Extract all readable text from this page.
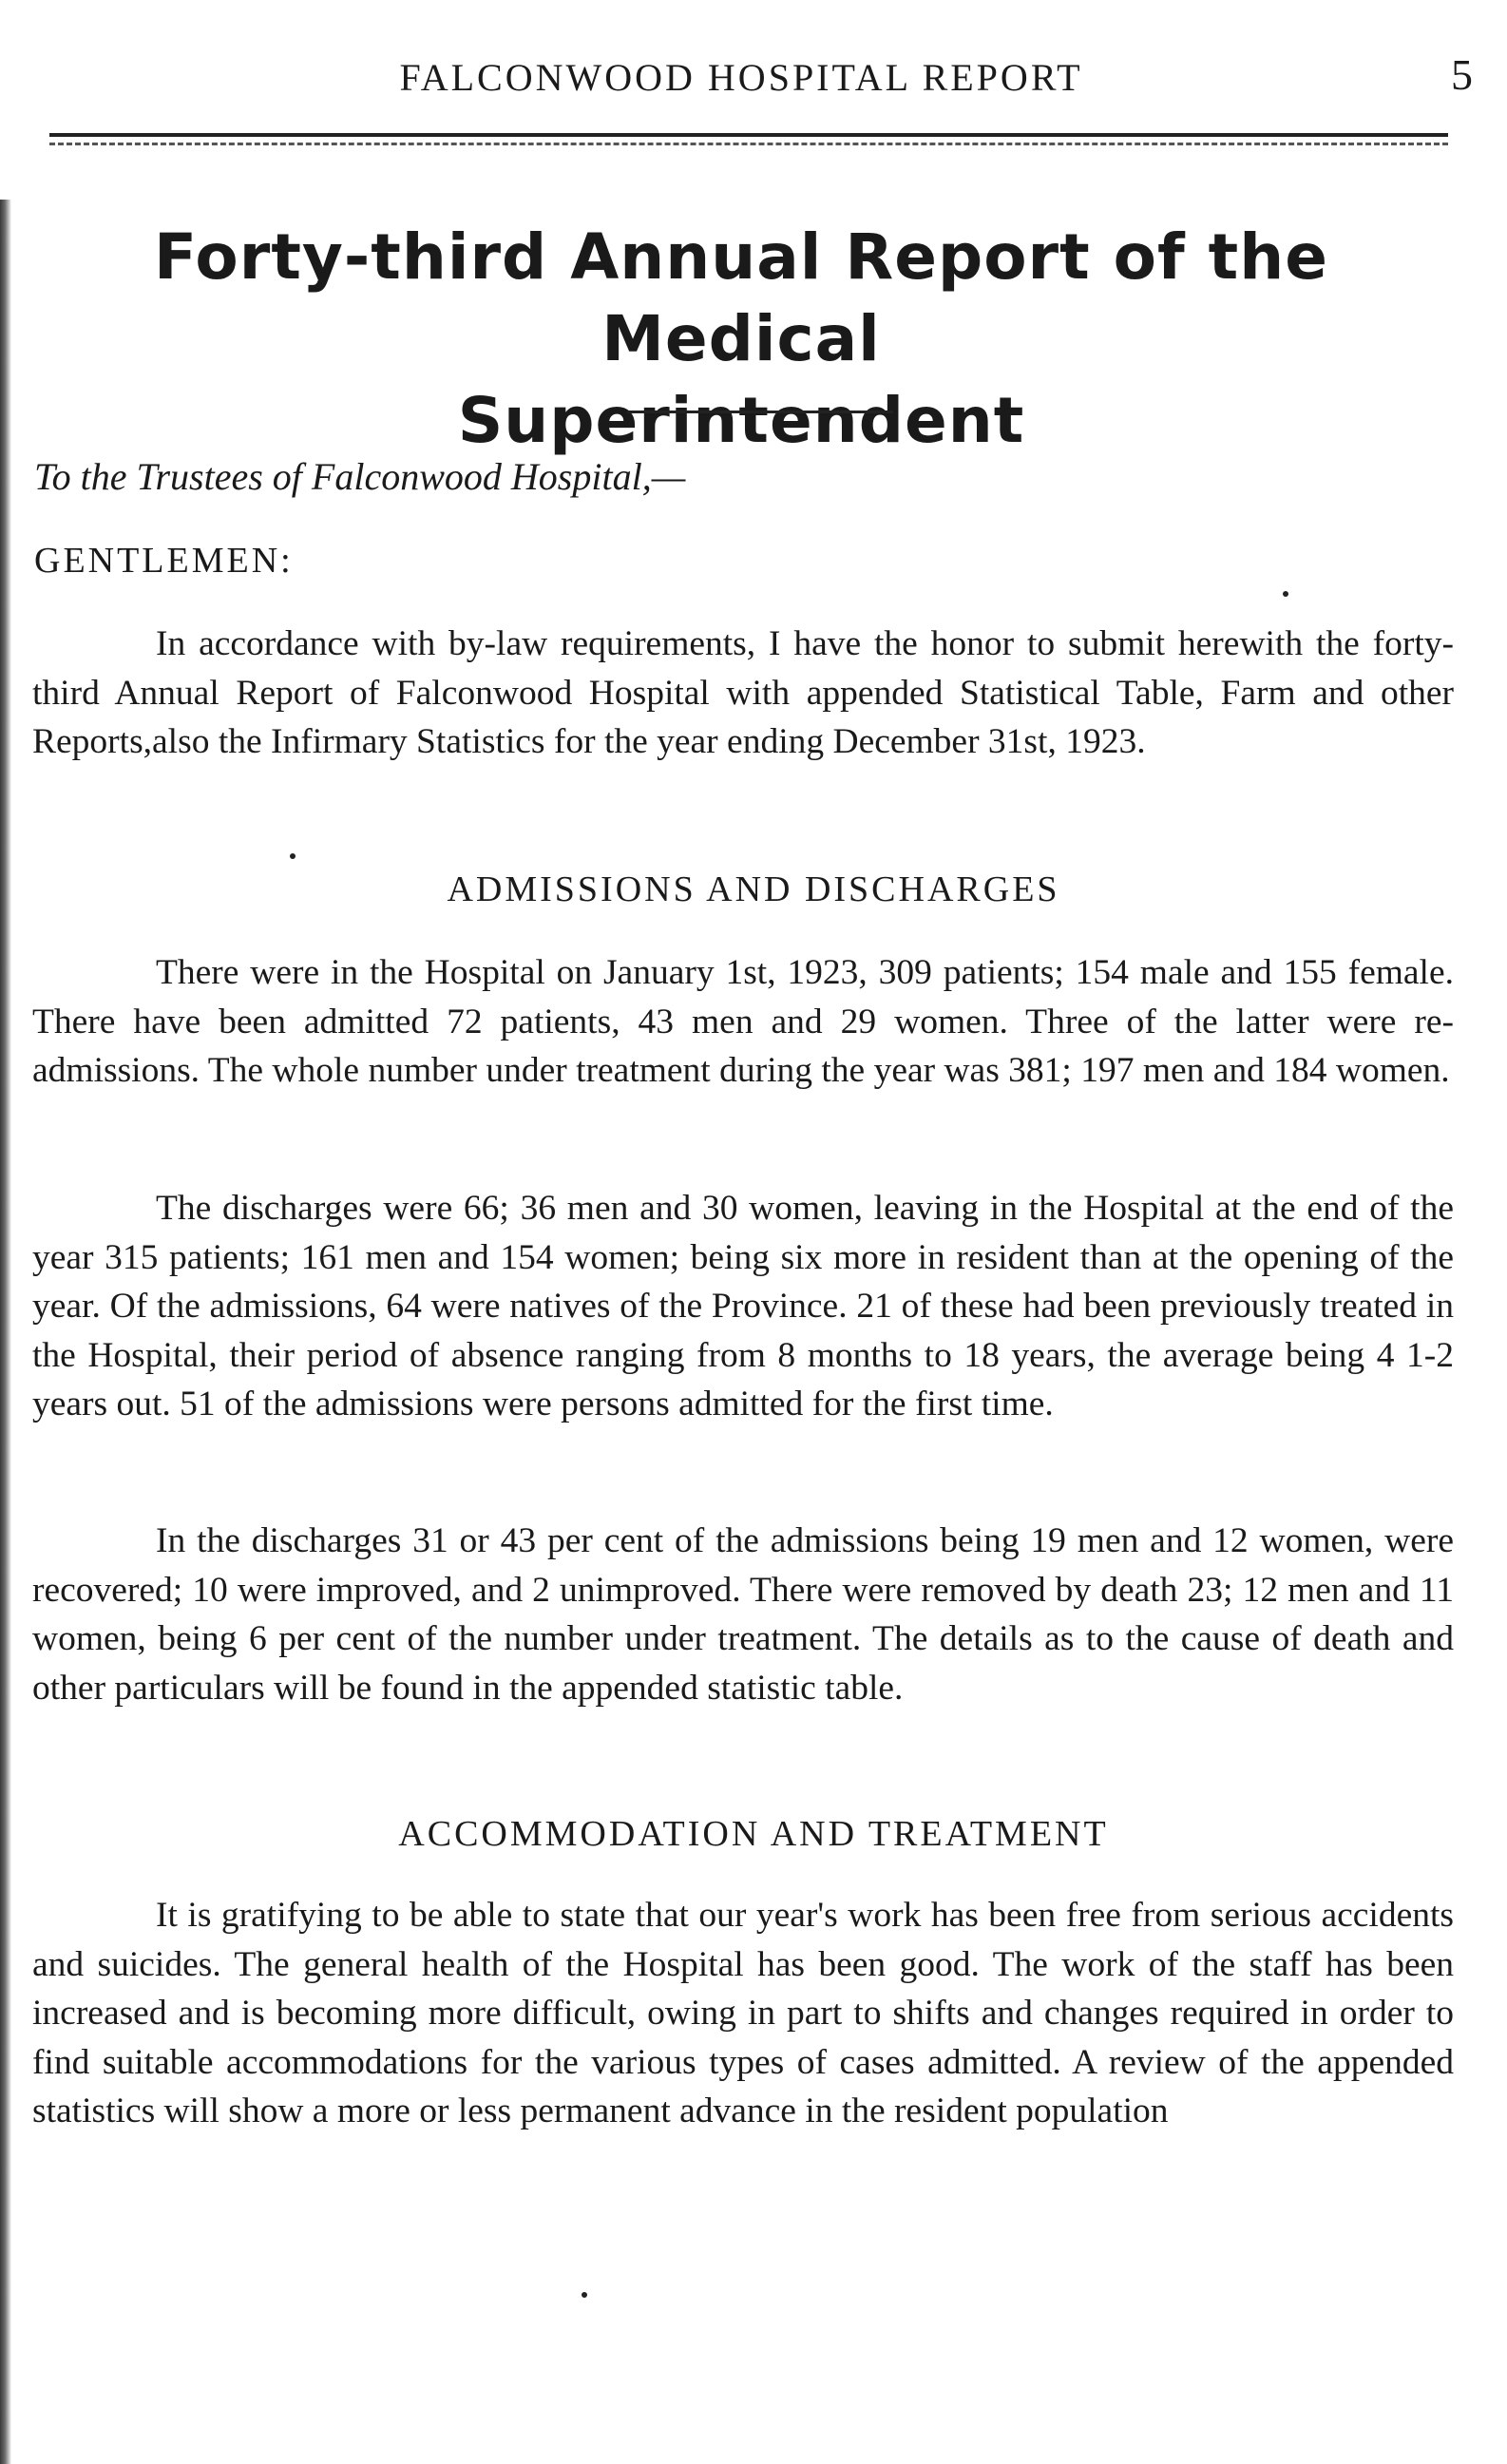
FALCONWOOD HOSPITAL REPORT	5
Forty-third Annual Report of the Medical
Superintendent
To the Trustees of Falconwood Hospital,—
GENTLEMEN:

In accordance with by-law requirements, I have the honor to submit herewith the forty-third Annual Report of Falconwood Hospital with appended Statistical Table, Farm and other Reports,also the Infirmary Statistics for the year ending December 31st, 1923.

ADMISSIONS AND DISCHARGES

There were in the Hospital on January 1st, 1923, 309 patients; 154 male and 155 female. There have been admitted 72 patients, 43 men and 29 women. Three of the latter were re-admissions. The whole number under treatment during the year was 381; 197 men and 184 women.

The discharges were 66; 36 men and 30 women, leaving in the Hospital at the end of the year 315 patients; 161 men and 154 women; being six more in resident than at the opening of the year. Of the admissions, 64 were natives of the Province. 21 of these had been previously treated in the Hospital, their period of absence ranging from 8 months to 18 years, the average being 4 1-2 years out. 51 of the admissions were persons admitted for the first time.

In the discharges 31 or 43 per cent of the admissions being 19 men and 12 women, were recovered; 10 were improved, and 2 unimproved. There were removed by death 23; 12 men and 11 women, being 6 per cent of the number under treatment. The details as to the cause of death and other particulars will be found in the appended statistic table.

ACCOMMODATION AND TREATMENT

It is gratifying to be able to state that our year's work has been free from serious accidents and suicides. The general health of the Hospital has been good. The work of the staff has been increased and is becoming more difficult, owing in part to shifts and changes required in order to find suitable accommodations for the various types of cases admitted. A review of the appended statistics will show a more or less permanent advance in the resident population
